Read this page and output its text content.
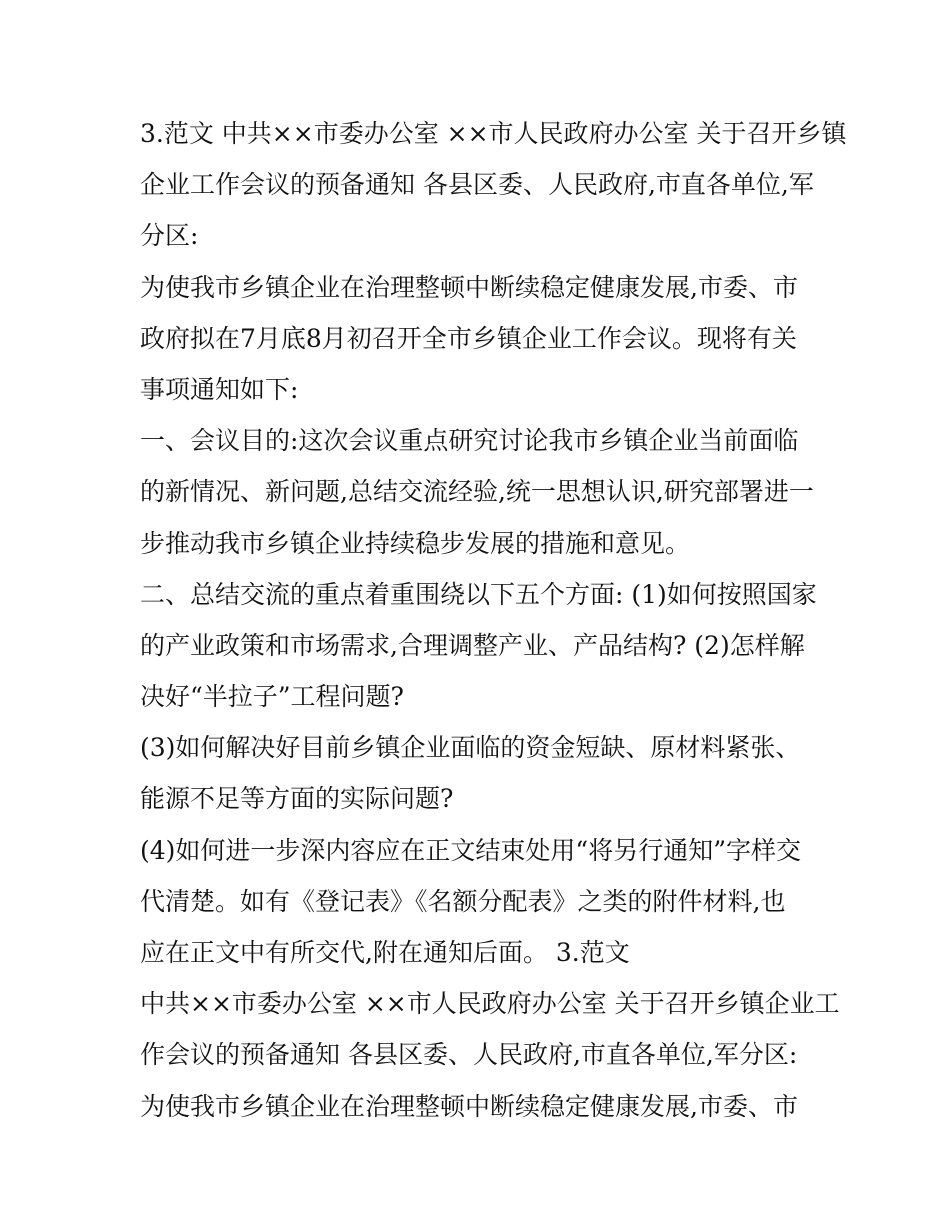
3.范文 中共××市委办公室 ××市人民政府办公室 关于召开乡镇
企业工作会议的预备通知 各县区委、人民政府,市直各单位,军
分区:
为使我市乡镇企业在治理整顿中断续稳定健康发展,市委、市
政府拟在7月底8月初召开全市乡镇企业工作会议。现将有关
事项通知如下:
一、会议目的:这次会议重点研究讨论我市乡镇企业当前面临
的新情况、新问题,总结交流经验,统一思想认识,研究部署进一
步推动我市乡镇企业持续稳步发展的措施和意见。
二、总结交流的重点着重围绕以下五个方面: (1)如何按照国家
的产业政策和市场需求,合理调整产业、产品结构? (2)怎样解
决好“半拉子”工程问题?
(3)如何解决好目前乡镇企业面临的资金短缺、原材料紧张、
能源不足等方面的实际问题?
(4)如何进一步深内容应在正文结束处用“将另行通知”字样交
代清楚。如有《登记表》《名额分配表》之类的附件材料,也
应在正文中有所交代,附在通知后面。 3.范文
中共××市委办公室 ××市人民政府办公室 关于召开乡镇企业工
作会议的预备通知 各县区委、人民政府,市直各单位,军分区:
为使我市乡镇企业在治理整顿中断续稳定健康发展,市委、市
